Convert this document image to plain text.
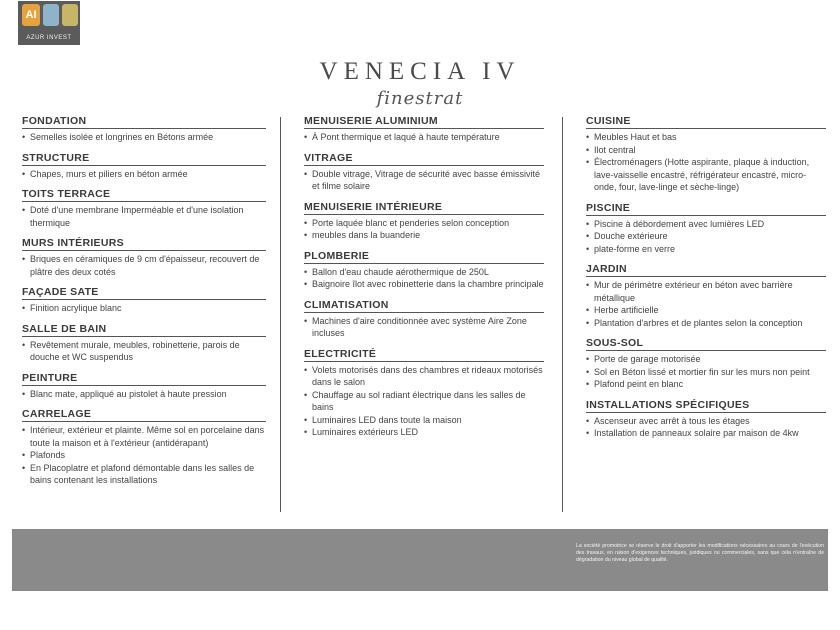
AI
AZUR INVEST
VENECIA IV
finestrat
FONDATION
• Semelles isolée et longrines en Bétons armée
STRUCTURE
• Chapes, murs et piliers en béton armée
TOITS TERRACE
• Doté d'une membrane Imperméable et d'une isolation thermique
MURS INTÉRIEURS
• Briques en céramiques de 9 cm d'épaisseur, recouvert de plâtre des deux cotés
FAÇADE SATE
• Finition acrylique blanc
SALLE DE BAIN
• Revêtement murale, meubles, robinetterie, parois de douche et WC suspendus
PEINTURE
• Blanc mate, appliqué au pistolet à haute pression
CARRELAGE
• Intérieur, extérieur et plainte. Même sol en porcelaine dans toute la maison et à l'extérieur (antidérapant)
• Plafonds
• En Placoplatre et plafond démontable dans les salles de bains contenant les installations
MENUISERIE ALUMINIUM
• À Pont thermique et laqué à haute température
VITRAGE
• Double vitrage, Vitrage de sécurité avec basse émissivité et filme solaire
MENUISERIE INTÉRIEURE
• Porte laquée blanc et penderies selon conception
• meubles dans la buanderie
PLOMBERIE
• Ballon d'eau chaude aérothermique de 250L
• Baignoire îlot avec robinetterie dans la chambre principale
CLIMATISATION
• Machines d'aire conditionnée avec système Aire Zone incluses
ELECTRICITÉ
• Volets motorisés dans des chambres et rideaux motorisés dans le salon
• Chauffage au sol radiant électrique dans les salles de bains
• Luminaires LED dans toute la maison
• Luminaires extérieurs LED
CUISINE
• Meubles Haut et bas
• Ilot central
• Électroménagers (Hotte aspirante, plaque à induction, lave-vaisselle encastré, réfrigérateur encastré, micro-onde, four, lave-linge et sèche-linge)
PISCINE
• Piscine à débordement avec lumières LED
• Douche extérieure
• plate-forme en verre
JARDIN
• Mur de périmètre extérieur en béton avec barrière métallique
• Herbe artificielle
• Plantation d'arbres et de plantes selon la conception
SOUS-SOL
• Porte de garage motorisée
• Sol en Béton lissé et mortier fin sur les murs non peint
• Plafond peint en blanc
INSTALLATIONS SPÉCIFIQUES
• Ascenseur avec arrêt à tous les étages
• Installation de panneaux solaire par maison de 4kw
La société promotrice se réserve le droit d'apporter les modifications nécessaires au cours de l'exécution des travaux, en raison d'exigences techniques, juridiques ou commerciales, sans que cela n'entraîne de dégradation du niveau global de qualité.
